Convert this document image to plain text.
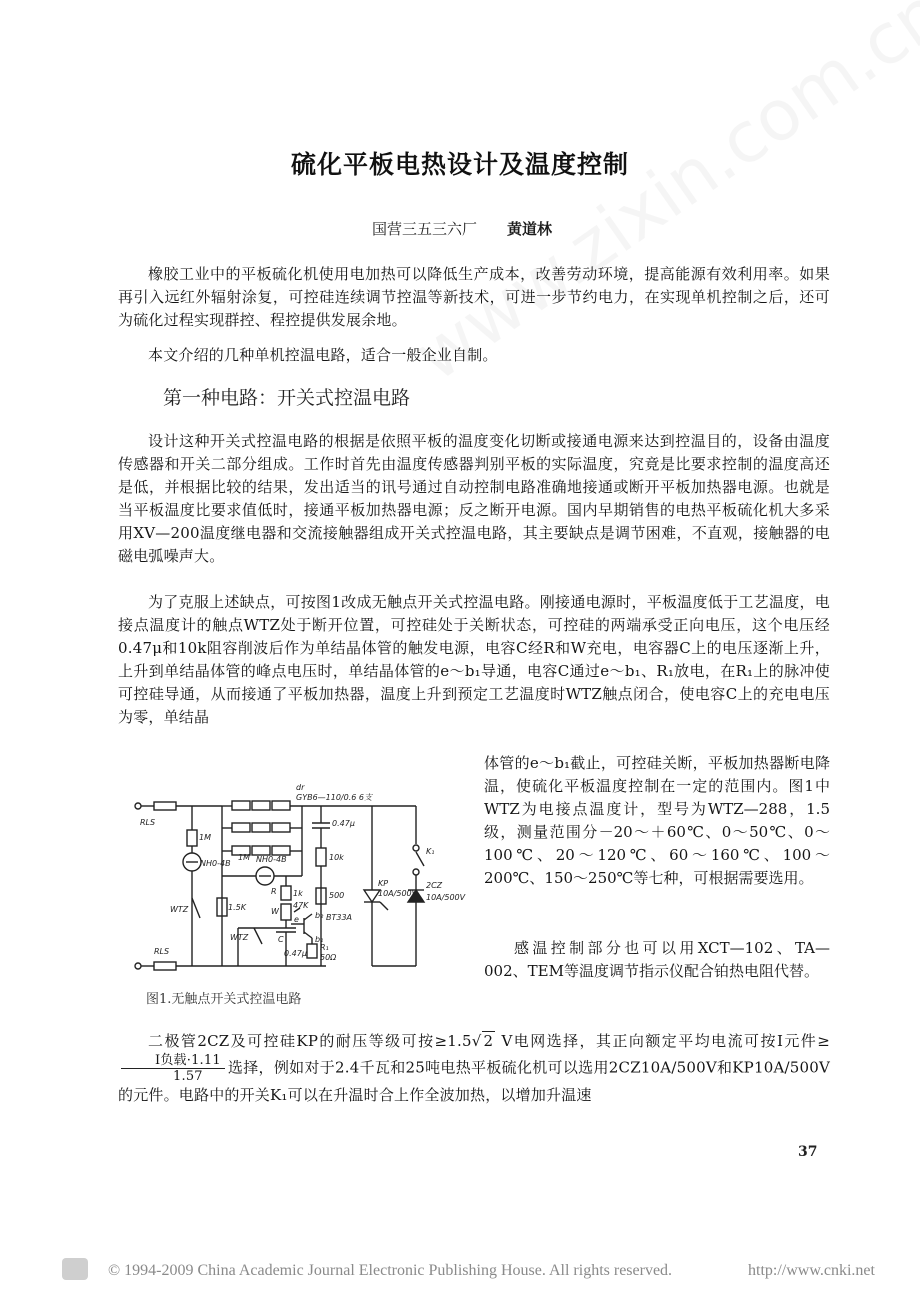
硫化平板电热设计及温度控制
国营三五三六厂 黄道林
橡胶工业中的平板硫化机使用电加热可以降低生产成本，改善劳动环境，提高能源有效利用率。如果再引入远红外辐射涂复，可控硅连续调节控温等新技术，可进一步节约电力，在实现单机控制之后，还可为硫化过程实现群控、程控提供发展余地。
本文介绍的几种单机控温电路，适合一般企业自制。
第一种电路：开关式控温电路
设计这种开关式控温电路的根据是依照平板的温度变化切断或接通电源来达到控温目的，设备由温度传感器和开关二部分组成。工作时首先由温度传感器判别平板的实际温度，究竟是比要求控制的温度高还是低，并根据比较的结果，发出适当的讯号通过自动控制电路准确地接通或断开平板加热器电源。也就是当平板温度比要求值低时，接通平板加热器电源；反之断开电源。国内早期销售的电热平板硫化机大多采用XV—200温度继电器和交流接触器组成开关式控温电路，其主要缺点是调节困难，不直观，接触器的电磁电弧噪声大。
为了克服上述缺点，可按图1改成无触点开关式控温电路。刚接通电源时，平板温度低于工艺温度，电接点温度计的触点WTZ处于断开位置，可控硅处于关断状态，可控硅的两端承受正向电压，这个电压经0.47μ和10k阻容削波后作为单结晶体管的触发电源，电容C经R和W充电，电容器C上的电压逐渐上升，上升到单结晶体管的峰点电压时，单结晶体管的e～b₁导通，电容C通过e～b₁、R₁放电，在R₁上的脉冲使可控硅导通，从而接通了平板加热器，温度上升到预定工艺温度时WTZ触点闭合，使电容C上的充电电压为零，单结晶
体管的e～b₁截止，可控硅关断，平板加热器断电降温，使硫化平板温度控制在一定的范围内。图1中WTZ为电接点温度计，型号为WTZ—288，1.5级，测量范围分－20～＋60℃、0～50℃、0～100℃、20～120℃、60～160℃、100～200℃、150～250℃等七种，可根据需要选用。
感温控制部分也可以用XCT—102、TA—002、TEM等温度调节指示仪配合铂热电阻代替。
RLS
RLS
dr
GYB6—110/0.6 6支
1M
NH0-4B
1M NH0-4B
0.47μ
10k
1k
R
47K
W
500
1.5K
e b₂
b₁
BT33A
C
0.47μ
R₁
50Ω
WTZ
WTZ
KP
10A/500V
2CZ
10A/500V
K₁
图1.无触点开关式控温电路
二极管2CZ及可控硅KP的耐压等级可按≥1.5√ 2 V电网选择，其正向额定平均电流可按I元件≥
$\frac{\text{I负载·1.11}}{1.57}$ 选择，例如对于2.4千瓦和25吨电热平板硫化机可以选用2CZ10A/500V和KP10A/500V的元件。电路中的开关K₁可以在升温时合上作全波加热，以增加升温速
37
© 1994-2009 China Academic Journal Electronic Publishing House. All rights reserved.	http://www.cnki.net
